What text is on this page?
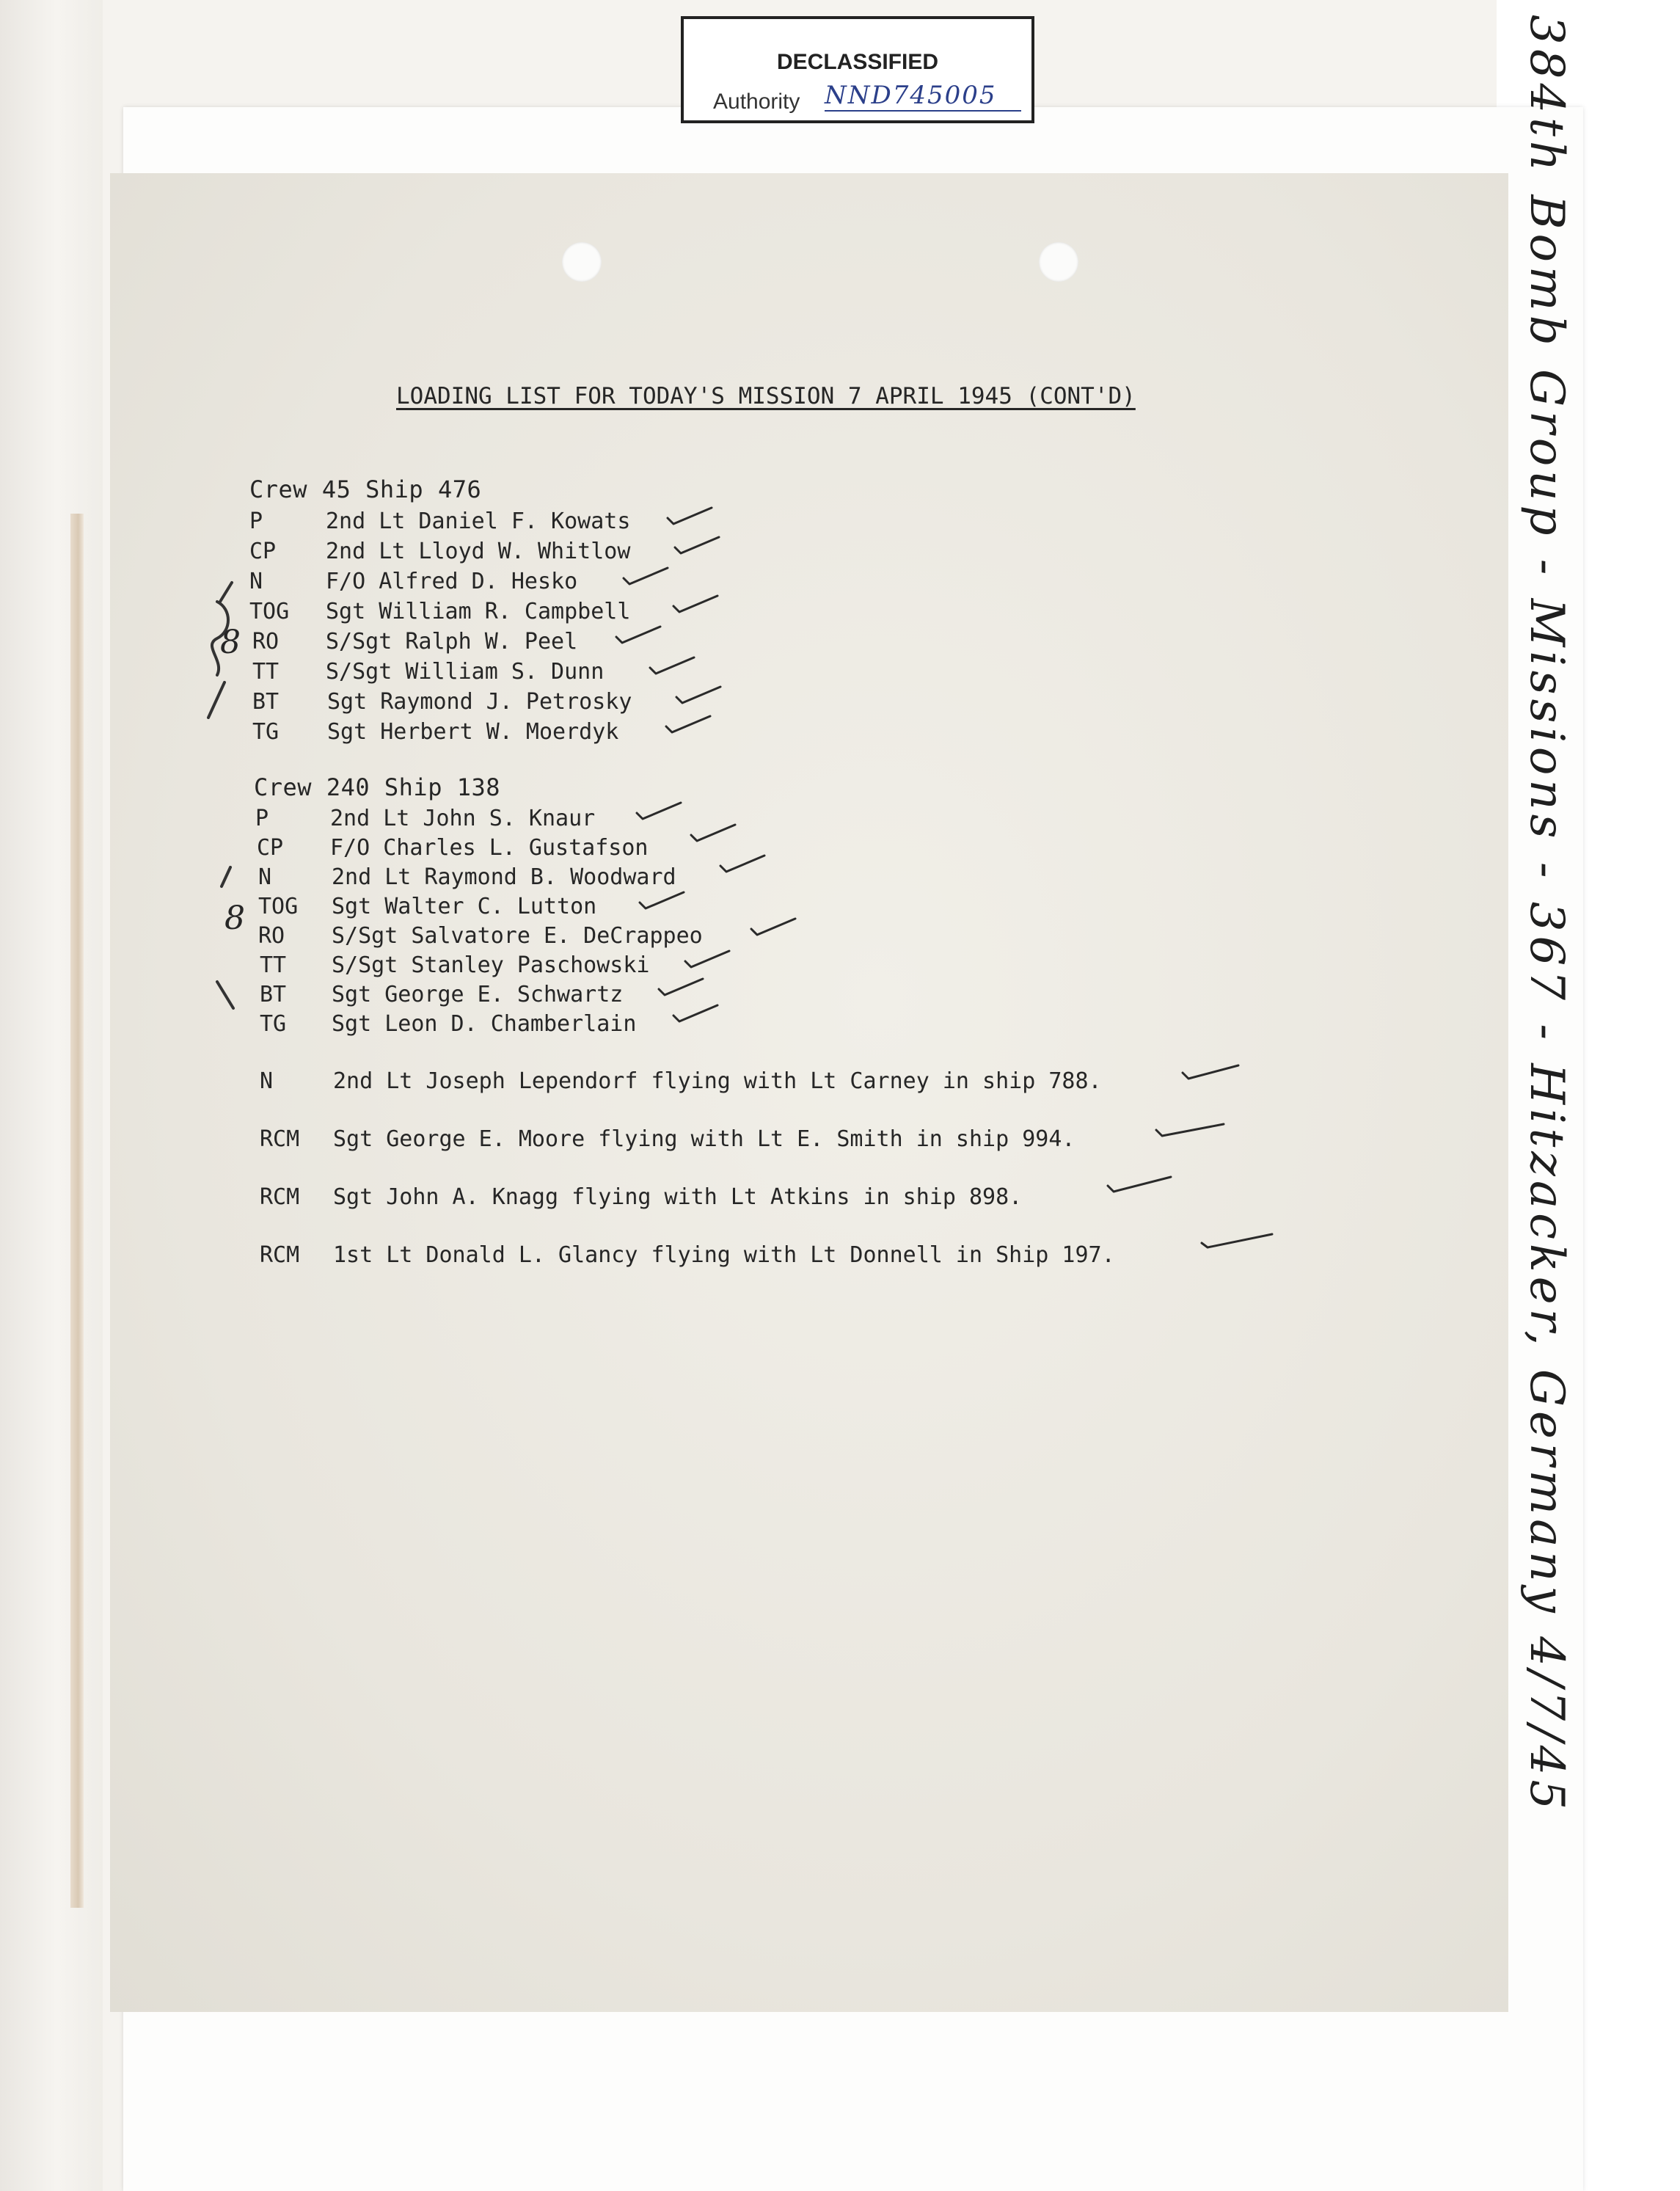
DECLASSIFIED
Authority NND745005	384th Bomb Group - Missions - 367 - Hitzacker, Germany 4/7/45
LOADING LIST FOR TODAY'S MISSION 7 APRIL 1945 (CONT'D)
Crew 45 Ship 476
P	2nd Lt Daniel F. Kowats
CP 2nd Lt Lloyd W. Whitlow
N	F/O Alfred D. Hesko
TOG Sgt William R. Campbell
RO S/Sgt Ralph W. Peel
TT S/Sgt William S. Dunn
BT Sgt Raymond J. Petrosky
TG Sgt Herbert W. Moerdyk
Crew 240 Ship 138
P	2nd Lt John S. Knaur
CP F/O Charles L. Gustafson
N	2nd Lt Raymond B. Woodward
TOG Sgt Walter C. Lutton
RO S/Sgt Salvatore E. DeCrappeo
TT S/Sgt Stanley Paschowski
BT Sgt George E. Schwartz
TG Sgt Leon D. Chamberlain
N	2nd Lt Joseph Lependorf flying with Lt Carney in ship 788.
RCM Sgt George E. Moore flying with Lt E. Smith in ship 994.
RCM Sgt John A. Knagg flying with Lt Atkins in ship 898.
RCM 1st Lt Donald L. Glancy flying with Lt Donnell in Ship 197.
8
8
